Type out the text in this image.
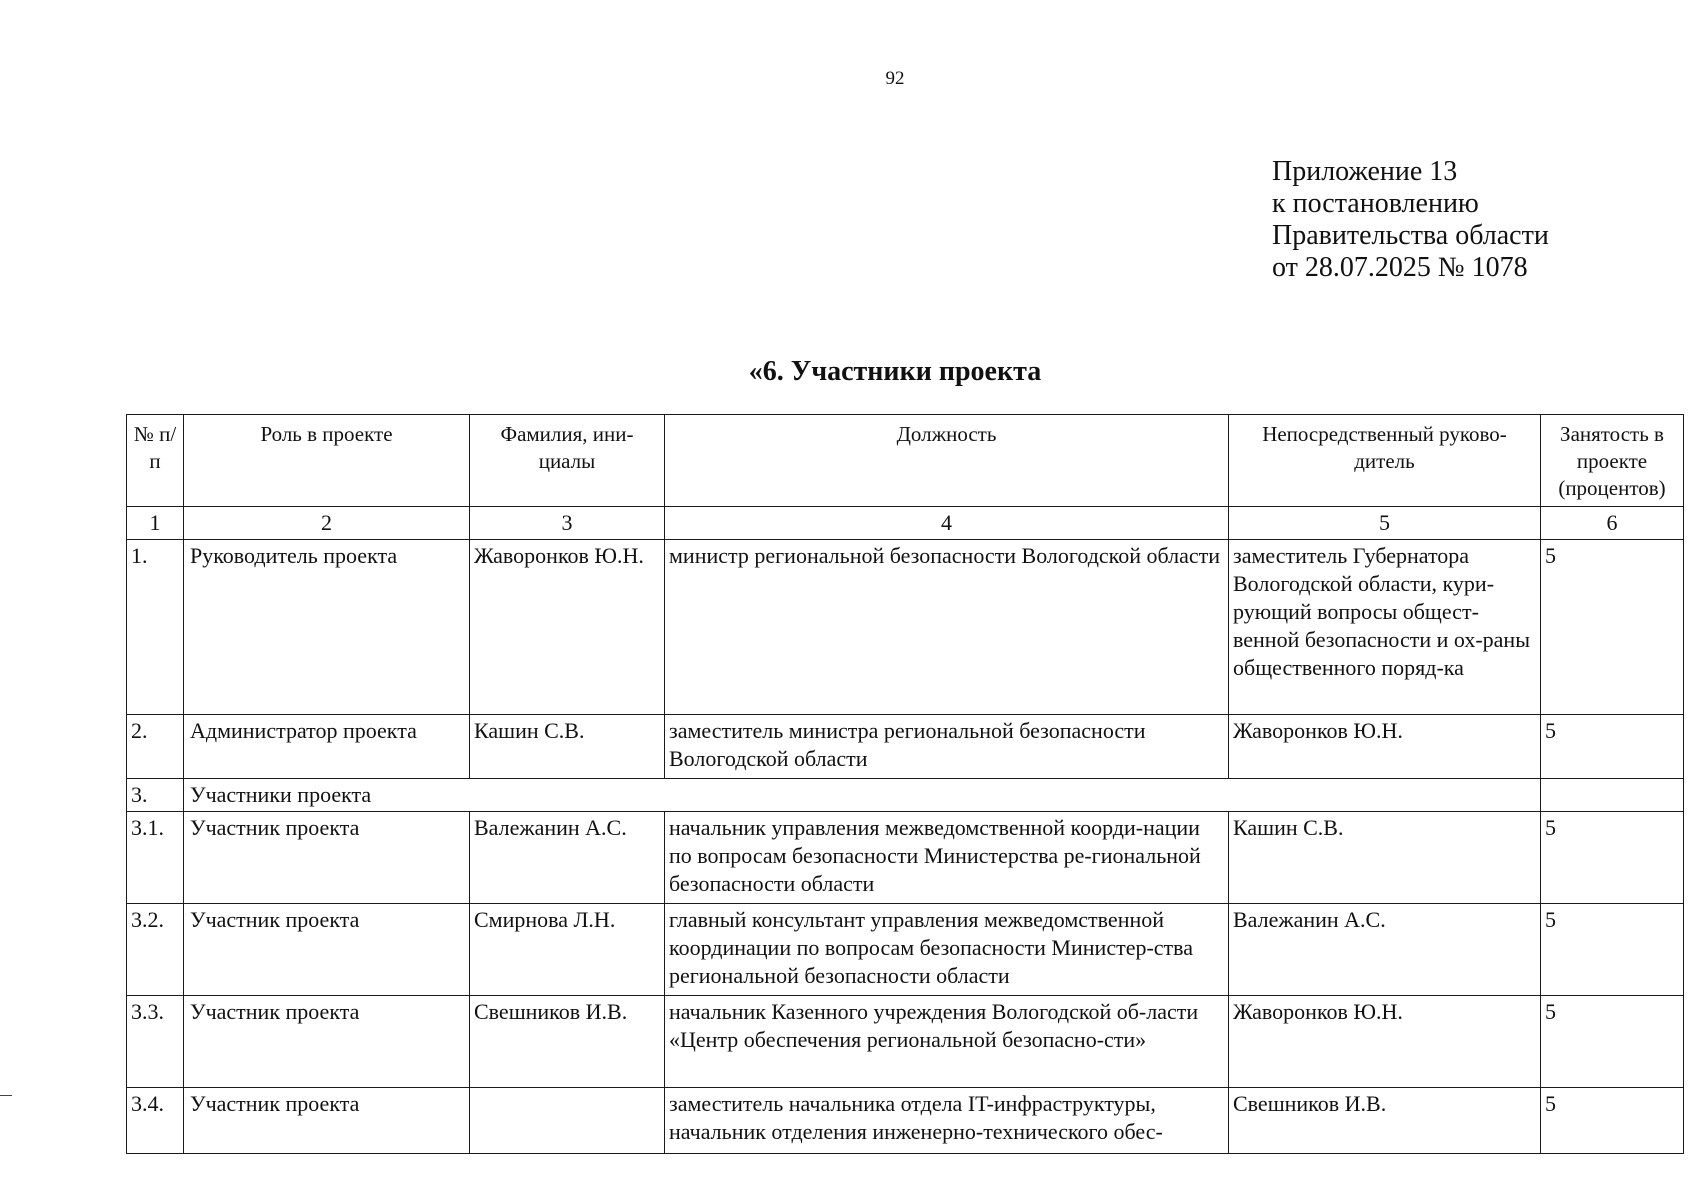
92
Приложение 13
к постановлению
Правительства области
от 28.07.2025 № 1078
«6. Участники проекта
№ п/п	Роль в проекте	Фамилия, ини-циалы	Должность	Непосредственный руково-дитель	Занятость в проекте (процентов)
1	2	3	4	5	6
1.	Руководитель проекта	Жаворонков Ю.Н.	министр региональной безопасности Вологодской области	заместитель Губернатора Вологодской области, кури-рующий вопросы общест-венной безопасности и ох-раны общественного поряд-ка	5
2.	Администратор проекта	Кашин С.В.	заместитель министра региональной безопасности Вологодской области	Жаворонков Ю.Н.	5
3.	Участники проекта				
3.1.	Участник проекта	Валежанин А.С.	начальник управления межведомственной коорди-нации по вопросам безопасности Министерства ре-гиональной безопасности области	Кашин С.В.	5
3.2.	Участник проекта	Смирнова Л.Н.	главный консультант управления межведомственной координации по вопросам безопасности Министер-ства региональной безопасности области	Валежанин А.С.	5
3.3.	Участник проекта	Свешников И.В.	начальник Казенного учреждения Вологодской об-ласти «Центр обеспечения региональной безопасно-сти»	Жаворонков Ю.Н.	5
3.4.	Участник проекта		заместитель начальника отдела IT-инфраструктуры, начальник отделения инженерно-технического обес-	Свешников И.В.	5
